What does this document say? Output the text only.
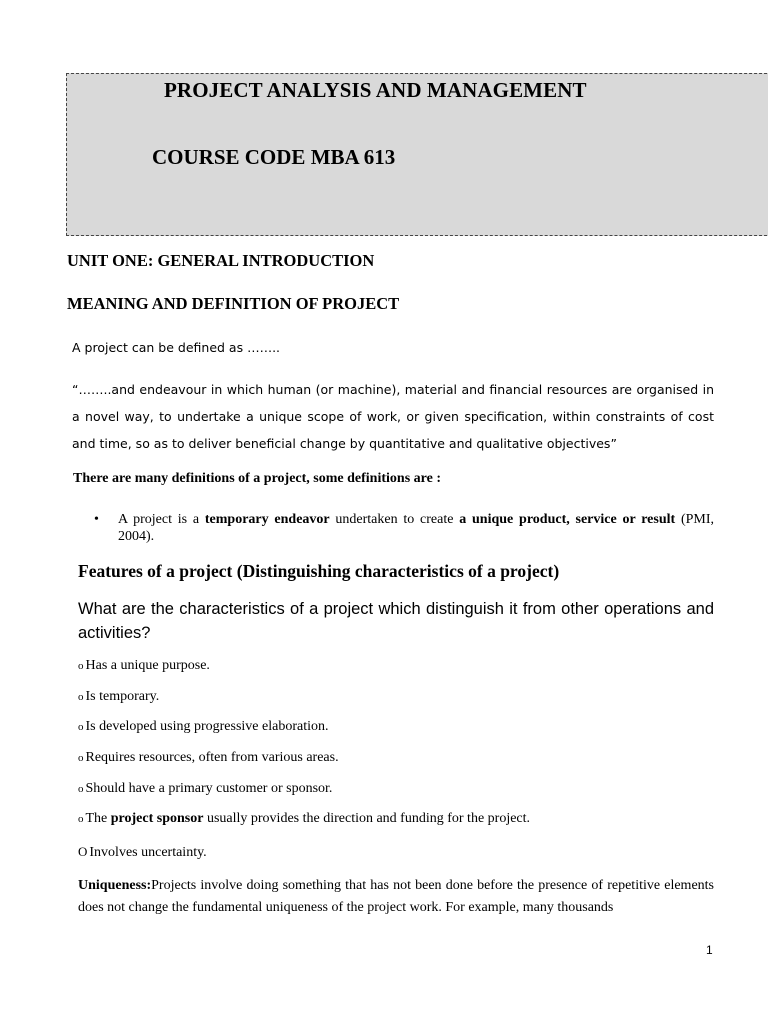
PROJECT ANALYSIS AND MANAGEMENT
COURSE CODE MBA 613
UNIT ONE: GENERAL INTRODUCTION
MEANING AND DEFINITION OF PROJECT
A project can be defined as ……..
“……..and endeavour in which human (or machine), material and financial resources are organised in a novel way, to undertake a unique scope of work, or given specification, within constraints of cost and time, so as to deliver beneficial change by quantitative and qualitative objectives”
There are many definitions of a project, some definitions are :
• A project is a temporary endeavor undertaken to create a unique product, service or result (PMI, 2004).
Features of a project (Distinguishing characteristics of a project)
What are the characteristics of a project which distinguish it from other operations and activities?
o Has a unique purpose.
o Is temporary.
o Is developed using progressive elaboration.
o Requires resources, often from various areas.
o Should have a primary customer or sponsor.
o The project sponsor usually provides the direction and funding for the project.
O Involves uncertainty.
Uniqueness:Projects involve doing something that has not been done before the presence of repetitive elements does not change the fundamental uniqueness of the project work. For example, many thousands
1
